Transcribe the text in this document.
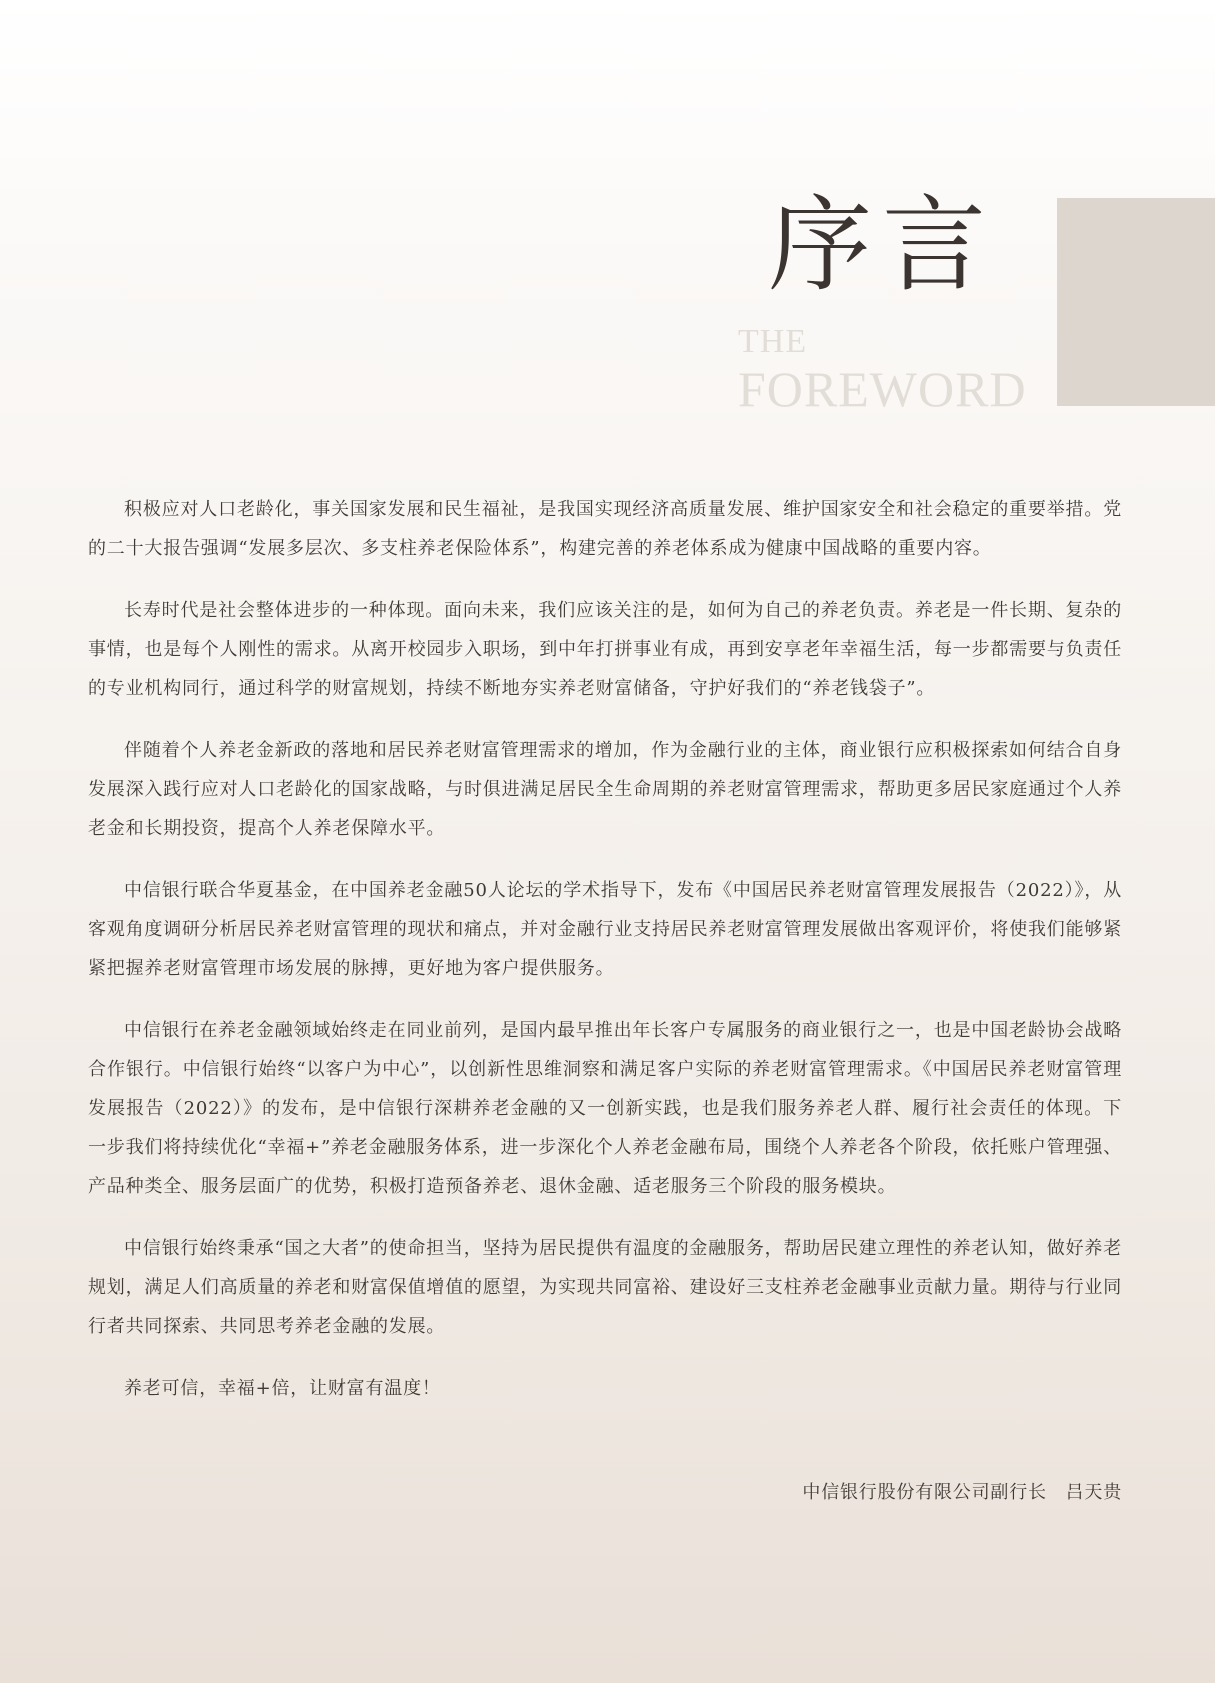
序言
THE
FOREWORD

积极应对人口老龄化，事关国家发展和民生福祉，是我国实现经济高质量发展、维护国家安全和社会稳定的重要举措。党的二十大报告强调“发展多层次、多支柱养老保险体系”，构建完善的养老体系成为健康中国战略的重要内容。

长寿时代是社会整体进步的一种体现。面向未来，我们应该关注的是，如何为自己的养老负责。养老是一件长期、复杂的事情，也是每个人刚性的需求。从离开校园步入职场，到中年打拼事业有成，再到安享老年幸福生活，每一步都需要与负责任的专业机构同行，通过科学的财富规划，持续不断地夯实养老财富储备，守护好我们的“养老钱袋子”。

伴随着个人养老金新政的落地和居民养老财富管理需求的增加，作为金融行业的主体，商业银行应积极探索如何结合自身发展深入践行应对人口老龄化的国家战略，与时俱进满足居民全生命周期的养老财富管理需求，帮助更多居民家庭通过个人养老金和长期投资，提高个人养老保障水平。

中信银行联合华夏基金，在中国养老金融50人论坛的学术指导下，发布《中国居民养老财富管理发展报告（2022）》，从客观角度调研分析居民养老财富管理的现状和痛点，并对金融行业支持居民养老财富管理发展做出客观评价，将使我们能够紧紧把握养老财富管理市场发展的脉搏，更好地为客户提供服务。

中信银行在养老金融领域始终走在同业前列，是国内最早推出年长客户专属服务的商业银行之一，也是中国老龄协会战略合作银行。中信银行始终“以客户为中心”，以创新性思维洞察和满足客户实际的养老财富管理需求。《中国居民养老财富管理发展报告（2022）》的发布，是中信银行深耕养老金融的又一创新实践，也是我们服务养老人群、履行社会责任的体现。下一步我们将持续优化“幸福+”养老金融服务体系，进一步深化个人养老金融布局，围绕个人养老各个阶段，依托账户管理强、产品种类全、服务层面广的优势，积极打造预备养老、退休金融、适老服务三个阶段的服务模块。

中信银行始终秉承“国之大者”的使命担当，坚持为居民提供有温度的金融服务，帮助居民建立理性的养老认知，做好养老规划，满足人们高质量的养老和财富保值增值的愿望，为实现共同富裕、建设好三支柱养老金融事业贡献力量。期待与行业同行者共同探索、共同思考养老金融的发展。

养老可信，幸福+倍，让财富有温度！

中信银行股份有限公司副行长　吕天贵
